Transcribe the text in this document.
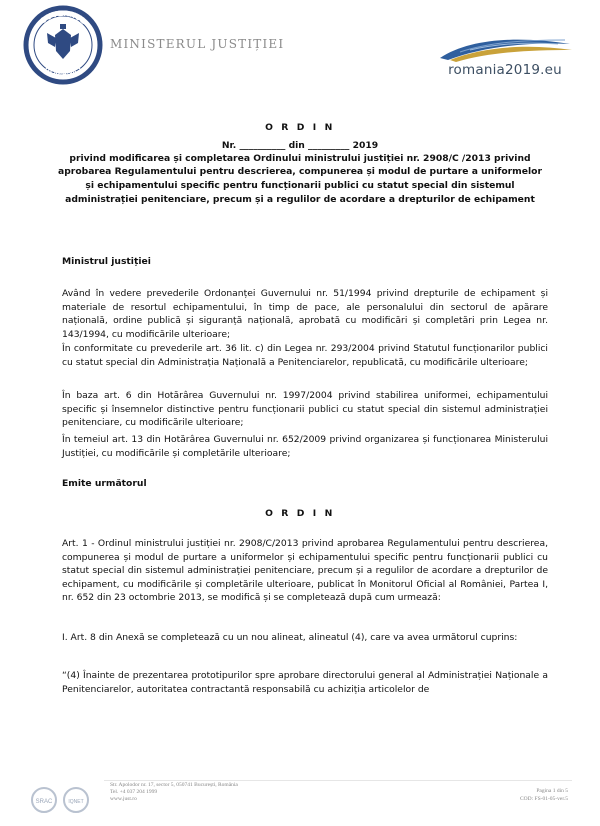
GUVERNUL
ROMÂNIEI
MINISTERUL JUSTIȚIEI
romania2019.eu
O R D I N
Nr. __________ din _________ 2019
privind modificarea și completarea Ordinului ministrului justiției nr. 2908/C /2013 privind
aprobarea Regulamentului pentru descrierea, compunerea și modul de purtare a uniformelor
și echipamentului specific pentru funcționarii publici cu statut special din sistemul
administrației penitenciare, precum și a regulilor de acordare a drepturilor de echipament
Ministrul justiției
Având în vedere prevederile Ordonanței Guvernului nr. 51/1994 privind drepturile de echipament și materiale de resortul echipamentului, în timp de pace, ale personalului din sectorul de apărare națională, ordine publică și siguranță națională, aprobată cu modificări și completări prin Legea nr. 143/1994, cu modificările ulterioare;
În conformitate cu prevederile art. 36 lit. c) din Legea nr. 293/2004 privind Statutul funcționarilor publici cu statut special din Administrația Națională a Penitenciarelor, republicată, cu modificările ulterioare;
În baza art. 6 din Hotărârea Guvernului nr. 1997/2004 privind stabilirea uniformei, echipamentului specific și însemnelor distinctive pentru funcționarii publici cu statut special din sistemul administrației penitenciare, cu modificările ulterioare;
În temeiul art. 13 din Hotărârea Guvernului nr. 652/2009 privind organizarea și funcționarea Ministerului Justiției, cu modificările și completările ulterioare;
Emite următorul
O R D I N
Art. 1 - Ordinul ministrului justiției nr. 2908/C/2013 privind aprobarea Regulamentului pentru descrierea, compunerea și modul de purtare a uniformelor și echipamentului specific pentru funcționarii publici cu statut special din sistemul administrației penitenciare, precum și a regulilor de acordare a drepturilor de echipament, cu modificările și completările ulterioare, publicat în Monitorul Oficial al României, Partea I, nr. 652 din 23 octombrie 2013, se modifică și se completează după cum urmează:
I. Art. 8 din Anexă se completează cu un nou alineat, alineatul (4), care va avea următorul cuprins:
“(4) Înainte de prezentarea prototipurilor spre aprobare directorului general al Administrației Naționale a Penitenciarelor, autoritatea contractantă responsabilă cu achiziția articolelor de
SRAC	IQNET
Str. Apolodor nr. 17, sector 5, 050741 București, România
Tel. +4 037 204 1999
www.just.ro
Pagina 1 din 5
COD: FS-01-05-ver.5
